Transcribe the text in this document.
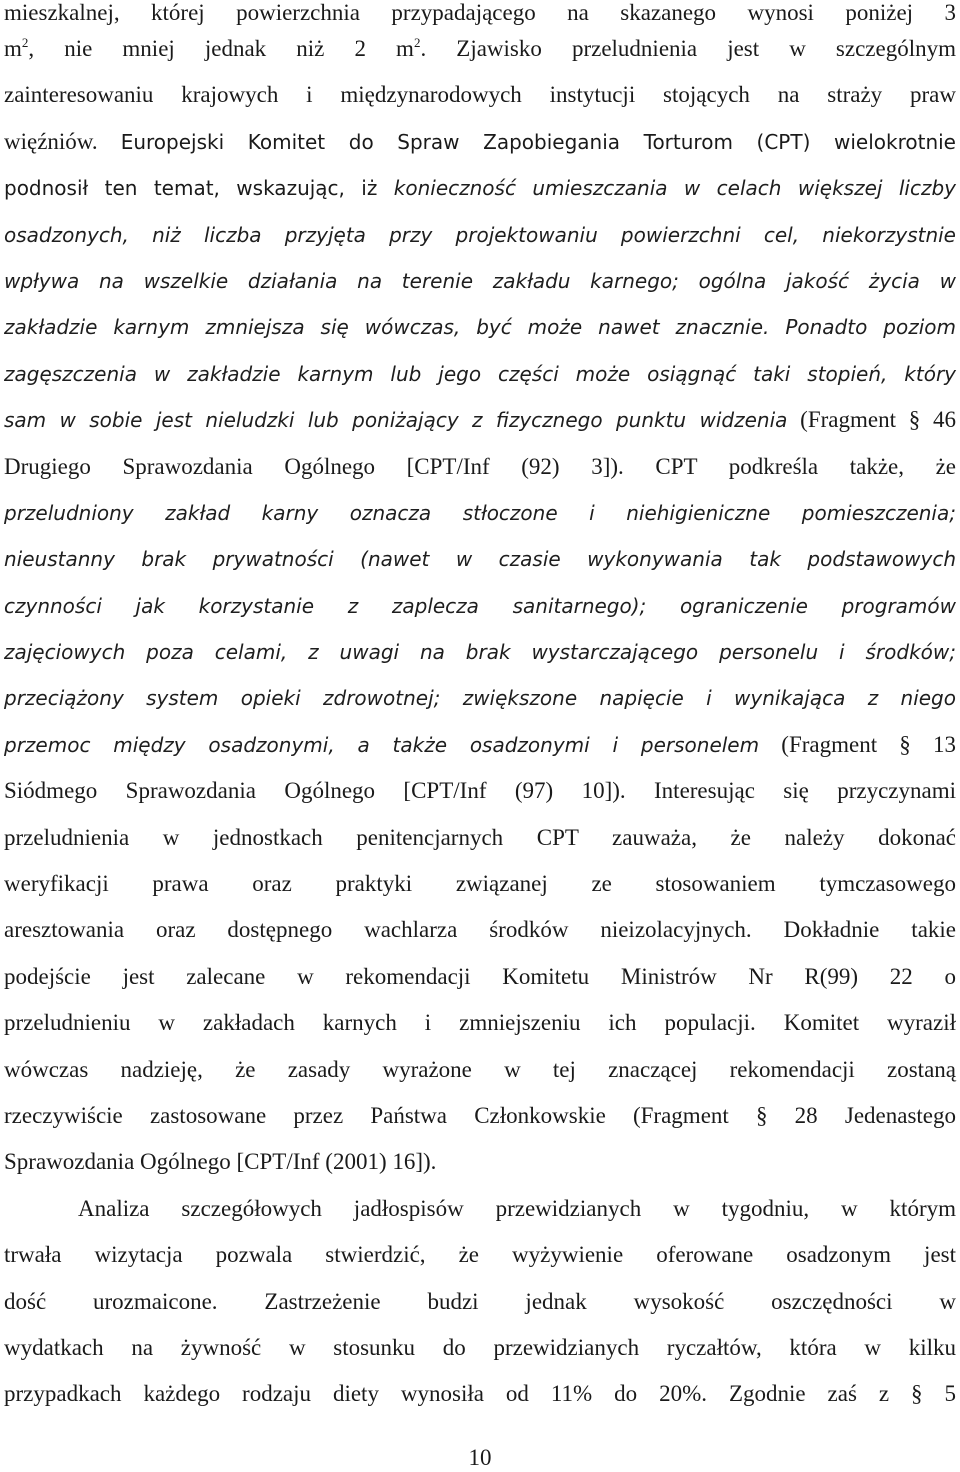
mieszkalnej, której powierzchnia przypadającego na skazanego wynosi poniżej 3
$m^2$, nie mniej jednak niż 2 $m^2$. Zjawisko przeludnienia jest w szczególnym
zainteresowaniu krajowych i międzynarodowych instytucji stojących na straży praw
więźniów. Europejski Komitet do Spraw Zapobiegania Torturom (CPT) wielokrotnie
podnosił ten temat, wskazując, iż konieczność umieszczania w celach większej liczby
osadzonych, niż liczba przyjęta przy projektowaniu powierzchni cel, niekorzystnie
wpływa na wszelkie działania na terenie zakładu karnego; ogólna jakość życia w
zakładzie karnym zmniejsza się wówczas, być może nawet znacznie. Ponadto poziom
zagęszczenia w zakładzie karnym lub jego części może osiągnąć taki stopień, który
sam w sobie jest nieludzki lub poniżający z fizycznego punktu widzenia (Fragment § 46
Drugiego Sprawozdania Ogólnego [CPT/Inf (92) 3]). CPT podkreśla także, że
przeludniony zakład karny oznacza stłoczone i niehigieniczne pomieszczenia;
nieustanny brak prywatności (nawet w czasie wykonywania tak podstawowych
czynności jak korzystanie z zaplecza sanitarnego); ograniczenie programów
zajęciowych poza celami, z uwagi na brak wystarczającego personelu i środków;
przeciążony system opieki zdrowotnej; zwiększone napięcie i wynikająca z niego
przemoc między osadzonymi, a także osadzonymi i personelem (Fragment § 13
Siódmego Sprawozdania Ogólnego [CPT/Inf (97) 10]). Interesując się przyczynami
przeludnienia w jednostkach penitencjarnych CPT zauważa, że należy dokonać
weryfikacji prawa oraz praktyki związanej ze stosowaniem tymczasowego
aresztowania oraz dostępnego wachlarza środków nieizolacyjnych. Dokładnie takie
podejście jest zalecane w rekomendacji Komitetu Ministrów Nr R(99) 22 o
przeludnieniu w zakładach karnych i zmniejszeniu ich populacji. Komitet wyraził
wówczas nadzieję, że zasady wyrażone w tej znaczącej rekomendacji zostaną
rzeczywiście zastosowane przez Państwa Członkowskie (Fragment § 28 Jedenastego
Sprawozdania Ogólnego [CPT/Inf (2001) 16]).
Analiza szczegółowych jadłospisów przewidzianych w tygodniu, w którym
trwała wizytacja pozwala stwierdzić, że wyżywienie oferowane osadzonym jest
dość urozmaicone. Zastrzeżenie budzi jednak wysokość oszczędności w
wydatkach na żywność w stosunku do przewidzianych ryczałtów, która w kilku
przypadkach każdego rodzaju diety wynosiła od 11% do 20%. Zgodnie zaś z § 5
10
